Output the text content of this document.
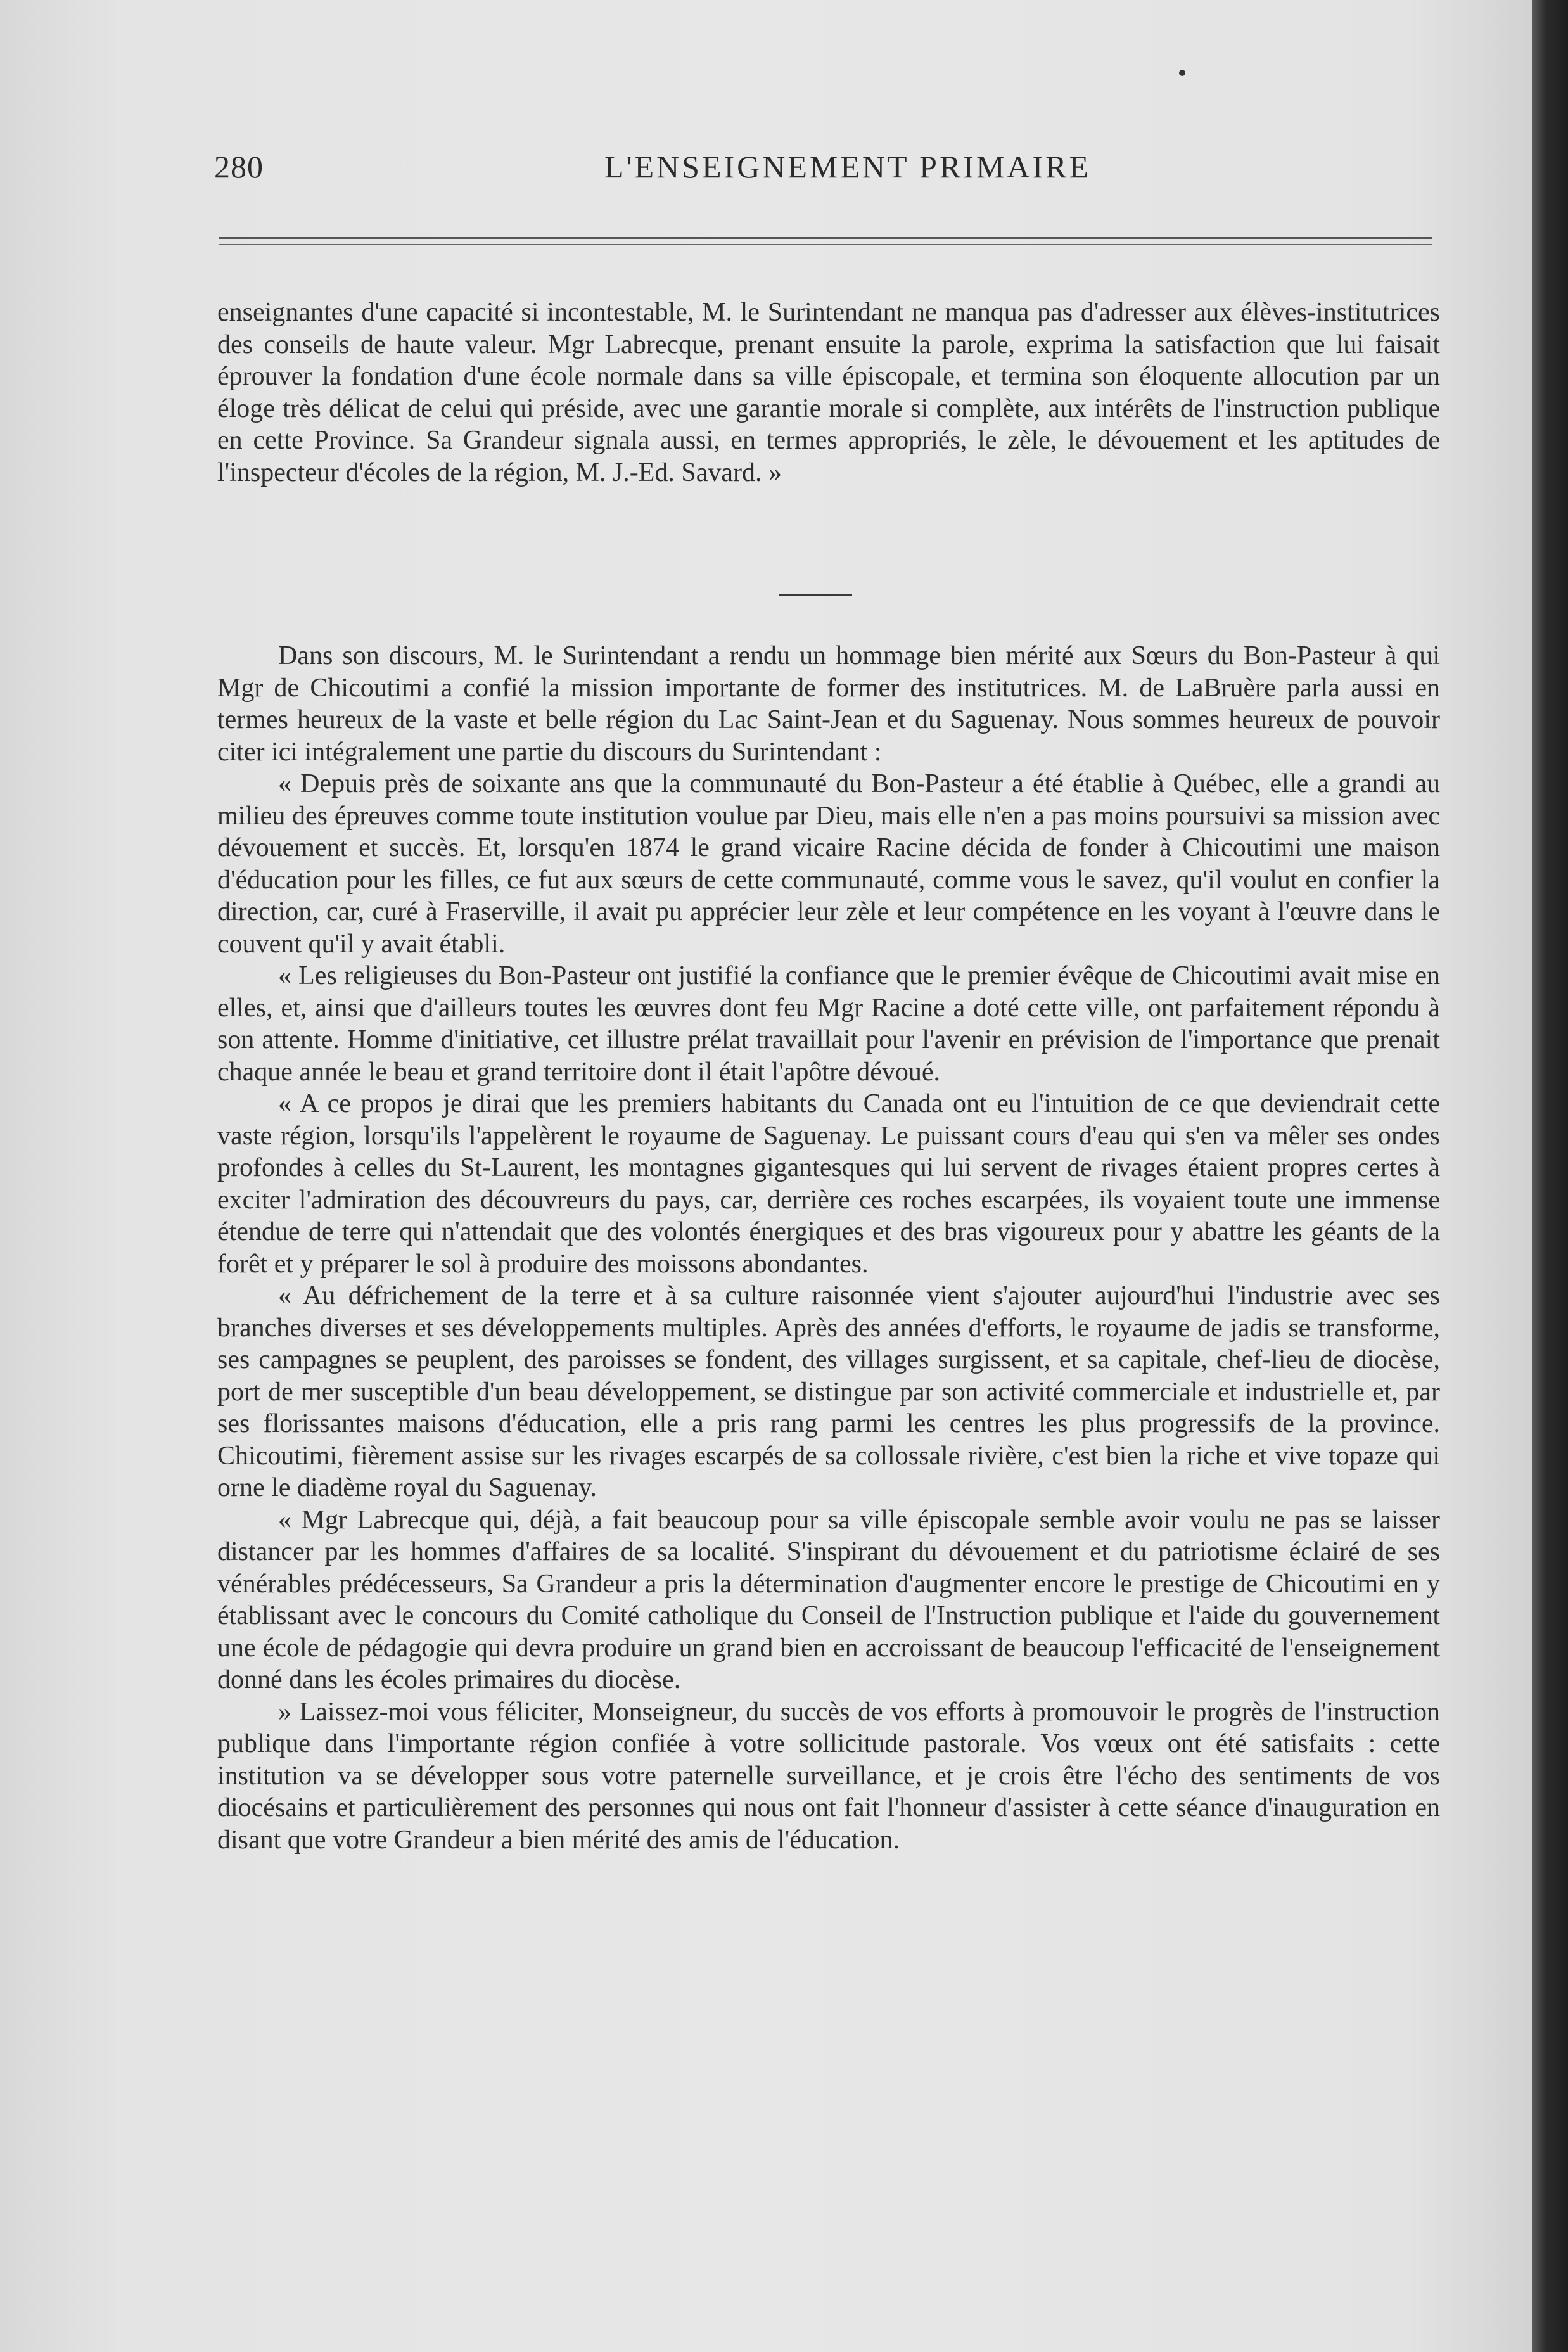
280	L'ENSEIGNEMENT PRIMAIRE

enseignantes d'une capacité si incontestable, M. le Surintendant ne manqua pas d'adresser aux élèves-institutrices des conseils de haute valeur. Mgr Labrecque, prenant ensuite la parole, exprima la satisfaction que lui faisait éprouver la fondation d'une école normale dans sa ville épiscopale, et termina son éloquente allocution par un éloge très délicat de celui qui préside, avec une garantie morale si complète, aux intérêts de l'instruction publique en cette Province. Sa Grandeur signala aussi, en termes appropriés, le zèle, le dévouement et les aptitudes de l'inspecteur d'écoles de la région, M. J.-Ed. Savard. »

Dans son discours, M. le Surintendant a rendu un hommage bien mérité aux Sœurs du Bon-Pasteur à qui Mgr de Chicoutimi a confié la mission importante de former des institutrices. M. de LaBruère parla aussi en termes heureux de la vaste et belle région du Lac Saint-Jean et du Saguenay. Nous sommes heureux de pouvoir citer ici intégralement une partie du discours du Surintendant :

« Depuis près de soixante ans que la communauté du Bon-Pasteur a été établie à Québec, elle a grandi au milieu des épreuves comme toute institution voulue par Dieu, mais elle n'en a pas moins poursuivi sa mission avec dévouement et succès. Et, lorsqu'en 1874 le grand vicaire Racine décida de fonder à Chicoutimi une maison d'éducation pour les filles, ce fut aux sœurs de cette communauté, comme vous le savez, qu'il voulut en confier la direction, car, curé à Fraserville, il avait pu apprécier leur zèle et leur compétence en les voyant à l'œuvre dans le couvent qu'il y avait établi.

« Les religieuses du Bon-Pasteur ont justifié la confiance que le premier évêque de Chicoutimi avait mise en elles, et, ainsi que d'ailleurs toutes les œuvres dont feu Mgr Racine a doté cette ville, ont parfaitement répondu à son attente. Homme d'initiative, cet illustre prélat travaillait pour l'avenir en prévision de l'importance que prenait chaque année le beau et grand territoire dont il était l'apôtre dévoué.

« A ce propos je dirai que les premiers habitants du Canada ont eu l'intuition de ce que deviendrait cette vaste région, lorsqu'ils l'appelèrent le royaume de Saguenay. Le puissant cours d'eau qui s'en va mêler ses ondes profondes à celles du St-Laurent, les montagnes gigantesques qui lui servent de rivages étaient propres certes à exciter l'admiration des découvreurs du pays, car, derrière ces roches escarpées, ils voyaient toute une immense étendue de terre qui n'attendait que des volontés énergiques et des bras vigoureux pour y abattre les géants de la forêt et y préparer le sol à produire des moissons abondantes.

« Au défrichement de la terre et à sa culture raisonnée vient s'ajouter aujourd'hui l'industrie avec ses branches diverses et ses développements multiples. Après des années d'efforts, le royaume de jadis se transforme, ses campagnes se peuplent, des paroisses se fondent, des villages surgissent, et sa capitale, chef-lieu de diocèse, port de mer susceptible d'un beau développement, se distingue par son activité commerciale et industrielle et, par ses florissantes maisons d'éducation, elle a pris rang parmi les centres les plus progressifs de la province. Chicoutimi, fièrement assise sur les rivages escarpés de sa collossale rivière, c'est bien la riche et vive topaze qui orne le diadème royal du Saguenay.

« Mgr Labrecque qui, déjà, a fait beaucoup pour sa ville épiscopale semble avoir voulu ne pas se laisser distancer par les hommes d'affaires de sa localité. S'inspirant du dévouement et du patriotisme éclairé de ses vénérables prédécesseurs, Sa Grandeur a pris la détermination d'augmenter encore le prestige de Chicoutimi en y établissant avec le concours du Comité catholique du Conseil de l'Instruction publique et l'aide du gouvernement une école de pédagogie qui devra produire un grand bien en accroissant de beaucoup l'efficacité de l'enseignement donné dans les écoles primaires du diocèse.

» Laissez-moi vous féliciter, Monseigneur, du succès de vos efforts à promouvoir le progrès de l'instruction publique dans l'importante région confiée à votre sollicitude pastorale. Vos vœux ont été satisfaits : cette institution va se développer sous votre paternelle surveillance, et je crois être l'écho des sentiments de vos diocésains et particulièrement des personnes qui nous ont fait l'honneur d'assister à cette séance d'inauguration en disant que votre Grandeur a bien mérité des amis de l'éducation.
